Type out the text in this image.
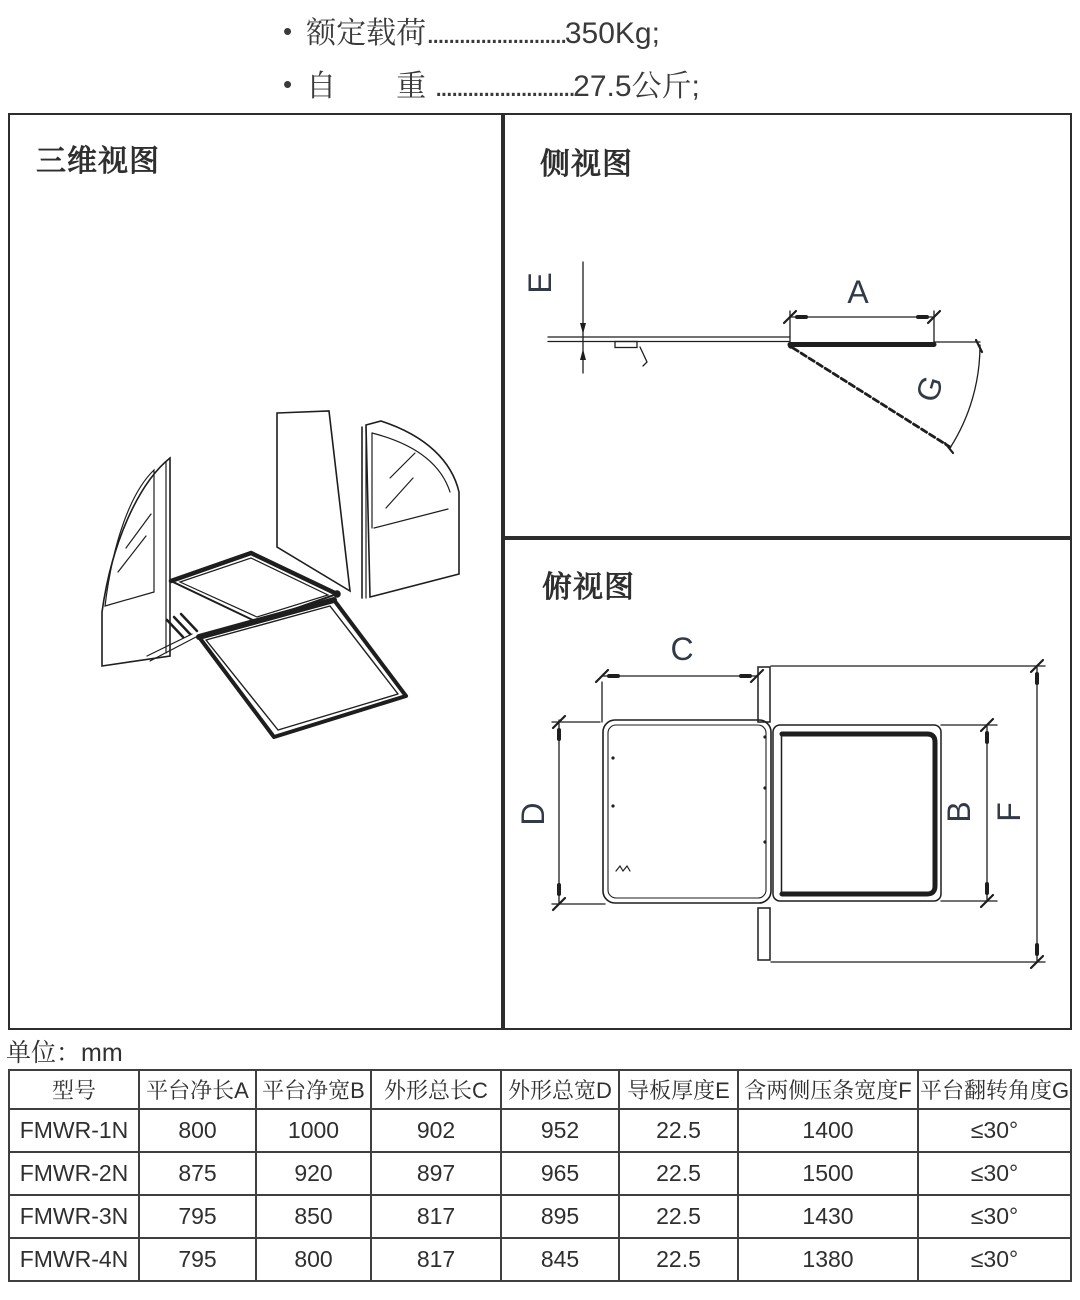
• 额定载荷..........................350Kg;
• 自　　重 ..........................27.5公斤;
三维视图	侧视图
俯视图
A
E
G
C
D	B F
单位：mm
型号	平台净长A	平台净宽B	外形总长C	外形总宽D	导板厚度E	含两侧压条宽度F	平台翻转角度G
FMWR-1N	800	1000	902	952	22.5	1400	≤30°
FMWR-2N	875	920	897	965	22.5	1500	≤30°
FMWR-3N	795	850	817	895	22.5	1430	≤30°
FMWR-4N	795	800	817	845	22.5	1380	≤30°
